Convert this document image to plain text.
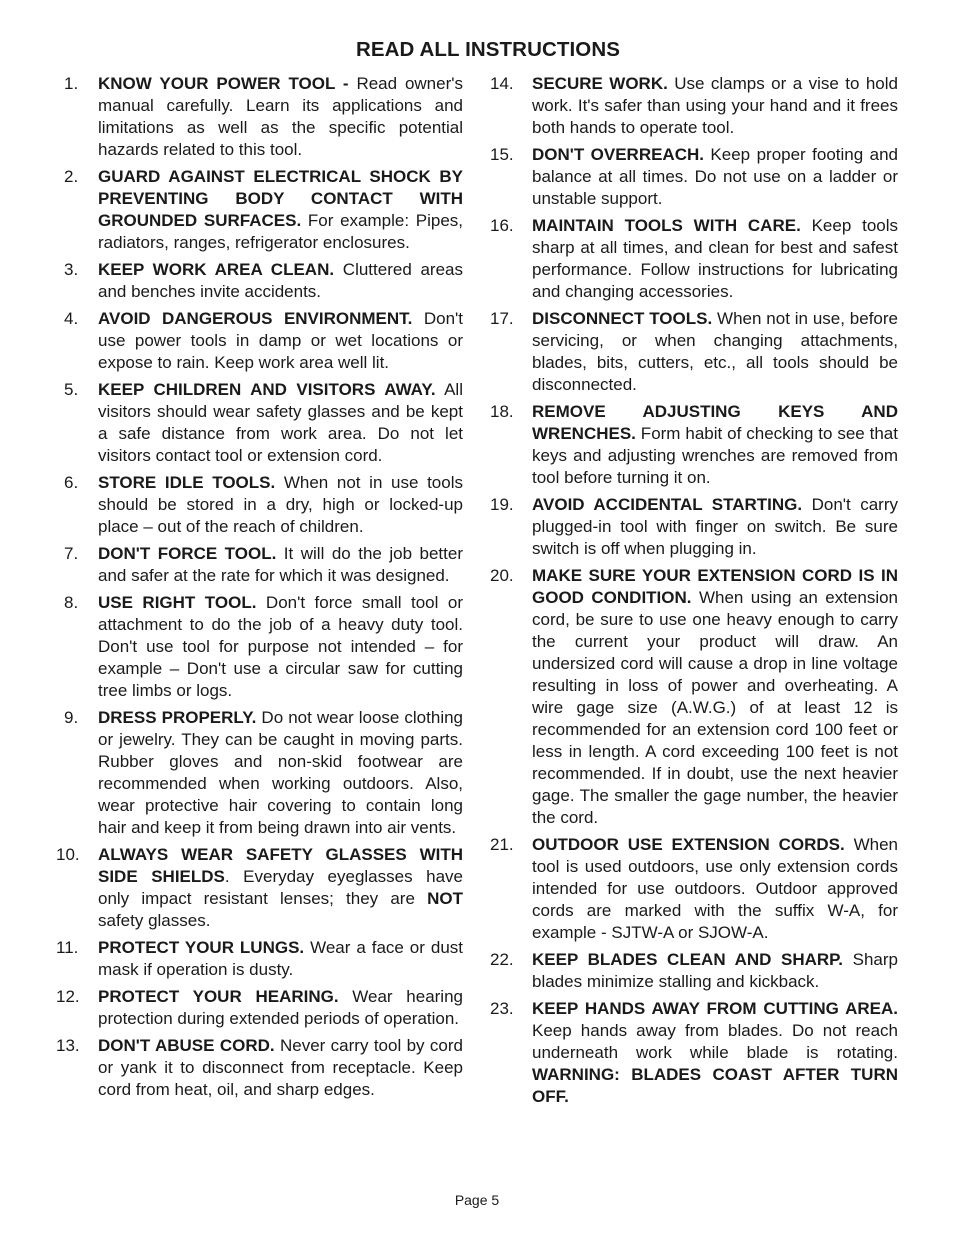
READ ALL INSTRUCTIONS
1.	KNOW YOUR POWER TOOL - Read owner's manual carefully. Learn its applications and limitations as well as the specific potential hazards related to this tool.
2.	GUARD AGAINST ELECTRICAL SHOCK BY PREVENTING BODY CONTACT WITH GROUNDED SURFACES. For example: Pipes, radiators, ranges, refrigerator enclosures.
3.	KEEP WORK AREA CLEAN. Cluttered areas and benches invite accidents.
4.	AVOID DANGEROUS ENVIRONMENT. Don't use power tools in damp or wet locations or expose to rain. Keep work area well lit.
5.	KEEP CHILDREN AND VISITORS AWAY. All visitors should wear safety glasses and be kept a safe distance from work area. Do not let visitors contact tool or extension cord.
6.	STORE IDLE TOOLS. When not in use tools should be stored in a dry, high or locked-up place – out of the reach of children.
7.	DON'T FORCE TOOL. It will do the job better and safer at the rate for which it was designed.
8.	USE RIGHT TOOL. Don't force small tool or attachment to do the job of a heavy duty tool. Don't use tool for purpose not intended – for example – Don't use a circular saw for cutting tree limbs or logs.
9.	DRESS PROPERLY. Do not wear loose clothing or jewelry. They can be caught in moving parts. Rubber gloves and non-skid footwear are recommended when working outdoors. Also, wear protective hair covering to contain long hair and keep it from being drawn into air vents.
10.	ALWAYS WEAR SAFETY GLASSES WITH SIDE SHIELDS. Everyday eyeglasses have only impact resistant lenses; they are NOT safety glasses.
11.	PROTECT YOUR LUNGS. Wear a face or dust mask if operation is dusty.
12.	PROTECT YOUR HEARING. Wear hearing protection during extended periods of operation.
13.	DON'T ABUSE CORD. Never carry tool by cord or yank it to disconnect from receptacle. Keep cord from heat, oil, and sharp edges.
14.	SECURE WORK. Use clamps or a vise to hold work. It's safer than using your hand and it frees both hands to operate tool.
15.	DON'T OVERREACH. Keep proper footing and balance at all times. Do not use on a ladder or unstable support.
16.	MAINTAIN TOOLS WITH CARE. Keep tools sharp at all times, and clean for best and safest performance. Follow instructions for lubricating and changing accessories.
17.	DISCONNECT TOOLS. When not in use, before servicing, or when changing attachments, blades, bits, cutters, etc., all tools should be disconnected.
18.	REMOVE ADJUSTING KEYS AND WRENCHES. Form habit of checking to see that keys and adjusting wrenches are removed from tool before turning it on.
19.	AVOID ACCIDENTAL STARTING. Don't carry plugged-in tool with finger on switch. Be sure switch is off when plugging in.
20.	MAKE SURE YOUR EXTENSION CORD IS IN GOOD CONDITION. When using an extension cord, be sure to use one heavy enough to carry the current your product will draw. An undersized cord will cause a drop in line voltage resulting in loss of power and overheating. A wire gage size (A.W.G.) of at least 12 is recommended for an extension cord 100 feet or less in length. A cord exceeding 100 feet is not recommended. If in doubt, use the next heavier gage. The smaller the gage number, the heavier the cord.
21.	OUTDOOR USE EXTENSION CORDS. When tool is used outdoors, use only extension cords intended for use outdoors. Outdoor approved cords are marked with the suffix W-A, for example - SJTW-A or SJOW-A.
22.	KEEP BLADES CLEAN AND SHARP. Sharp blades minimize stalling and kickback.
23.	KEEP HANDS AWAY FROM CUTTING AREA. Keep hands away from blades. Do not reach underneath work while blade is rotating. WARNING: BLADES COAST AFTER TURN OFF.
Page 5
